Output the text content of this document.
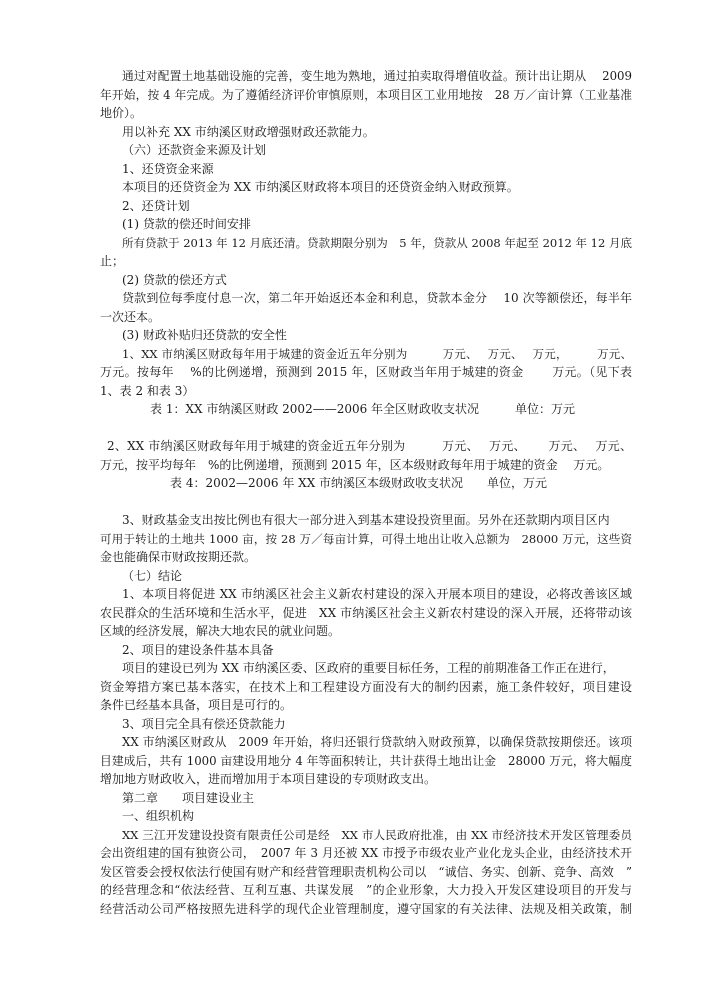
通过对配置土地基础设施的完善，变生地为熟地，通过拍卖取得增值收益。预计出让期从　 2009
年开始，按 4 年完成。为了遵循经济评价审慎原则，本项目区工业用地按　28 万／亩计算（工业基准
地价）。
用以补充 XX 市纳溪区财政增强财政还款能力。
（六）还款资金来源及计划
1、还贷资金来源
本项目的还贷资金为 XX 市纳溪区财政将本项目的还贷资金纳入财政预算。
2、还贷计划
(1) 贷款的偿还时间安排
所有贷款于 2013 年 12 月底还清。贷款期限分别为　5 年，贷款从 2008 年起至 2012 年 12 月底
止；
(2) 贷款的偿还方式
贷款到位每季度付息一次，第二年开始返还本金和利息，贷款本金分　 10 次等额偿还，每半年
一次还本。
(3) 财政补贴归还贷款的安全性
1、XX 市纳溪区财政每年用于城建的资金近五年分别为　　　万元、　 万元、　 万元，　　　万元、
万元。按每年　 %的比例递增，预测到 2015 年，区财政当年用于城建的资金　　 万元。（见下表
1、表 2 和表 3）
表 1：XX 市纳溪区财政 2002——2006 年全区财政收支状况　　　单位：万元
2、XX 市纳溪区财政每年用于城建的资金近五年分别为　　　万元、　 万元、　　 万元、　 万元、
万元，按平均每年　%的比例递增，预测到 2015 年，区本级财政每年用于城建的资金　 万元。
表 4：2002—2006 年 XX 市纳溪区本级财政收支状况　　单位，万元
3、财政基金支出按比例也有很大一部分进入到基本建设投资里面。另外在还款期内项目区内
可用于转让的土地共 1000 亩，按 28 万／每亩计算，可得土地出让收入总额为　28000 万元，这些资
金也能确保市财政按期还款。
（七）结论
1、本项目将促进 XX 市纳溪区社会主义新农村建设的深入开展本项目的建设，必将改善该区域
农民群众的生活环境和生活水平，促进　XX 市纳溪区社会主义新农村建设的深入开展，还将带动该
区域的经济发展，解决大地农民的就业问题。
2、项目的建设条件基本具备
项目的建设已列为 XX 市纳溪区委、区政府的重要目标任务，工程的前期准备工作正在进行，
资金筹措方案已基本落实，在技术上和工程建设方面没有大的制约因素，施工条件较好，项目建设
条件已经基本具备，项目是可行的。
3、项目完全具有偿还贷款能力
XX 市纳溪区财政从　2009 年开始，将归还银行贷款纳入财政预算，以确保贷款按期偿还。该项
目建成后，共有 1000 亩建设用地分 4 年等面积转让，共计获得土地出让金　28000 万元，将大幅度
增加地方财政收入，进而增加用于本项目建设的专项财政支出。
第二章　　项目建设业主
一、组织机构
XX 三江开发建设投资有限责任公司是经　XX 市人民政府批准，由 XX 市经济技术开发区管理委员
会出资组建的国有独资公司，　2007 年 3 月还被 XX 市授予市级农业产业化龙头企业，由经济技术开
发区管委会授权依法行使国有财产和经营管理职责机构公司以　“诚信、务实、创新、竞争、高效　”
的经营理念和“依法经营、互利互惠、共谋发展　”的企业形象，大力投入开发区建设项目的开发与
经营活动公司严格按照先进科学的现代企业管理制度，遵守国家的有关法律、法规及相关政策，制
